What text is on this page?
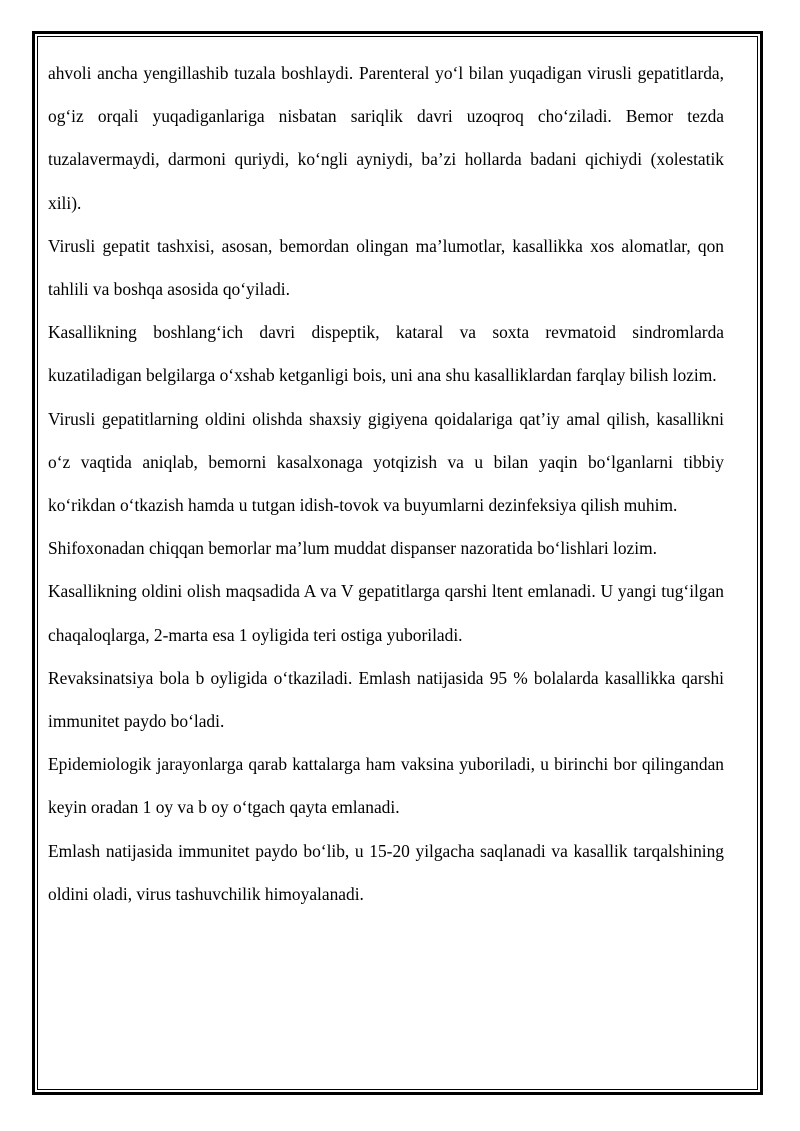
ahvoli ancha yengillashib tuzala boshlaydi. Parenteral yo‘l bilan yuqadigan virusli gepatitlarda, og‘iz orqali yuqadiganlariga nisbatan sariqlik davri uzoqroq cho‘ziladi. Bemor tezda tuzalavermaydi, darmoni quriydi, ko‘ngli ayniydi, ba’zi hollarda badani qichiydi (xolestatik xili).

Virusli gepatit tashxisi, asosan, bemordan olingan ma’lumotlar, kasallikka xos alomatlar, qon tahlili va boshqa asosida qo‘yiladi.

Kasallikning boshlang‘ich davri dispeptik, kataral va soxta revmatoid sindromlarda kuzatiladigan belgilarga o‘xshab ketganligi bois, uni ana shu kasalliklardan farqlay bilish lozim.

Virusli gepatitlarning oldini olishda shaxsiy gigiyena qoidalariga qat’iy amal qilish, kasallikni o‘z vaqtida aniqlab, bemorni kasalxonaga yotqizish va u bilan yaqin bo‘lganlarni tibbiy ko‘rikdan o‘tkazish hamda u tutgan idish-tovok va buyumlarni dezinfeksiya qilish muhim.

Shifoxonadan chiqqan bemorlar ma’lum muddat dispanser nazoratida bo‘lishlari lozim.

Kasallikning oldini olish maqsadida A va V gepatitlarga qarshi ltent emlanadi. U yangi tug‘ilgan chaqaloqlarga, 2-marta esa 1 oyligida teri ostiga yuboriladi.

Revaksinatsiya bola b oyligida o‘tkaziladi. Emlash natijasida 95 % bolalarda kasallikka qarshi immunitet paydo bo‘ladi.

Epidemiologik jarayonlarga qarab kattalarga ham vaksina yuboriladi, u birinchi bor qilingandan keyin oradan 1 oy va b oy o‘tgach qayta emlanadi.

Emlash natijasida immunitet paydo bo‘lib, u 15-20 yilgacha saqlanadi va kasallik tarqalshining oldini oladi, virus tashuvchilik himoyalanadi.
